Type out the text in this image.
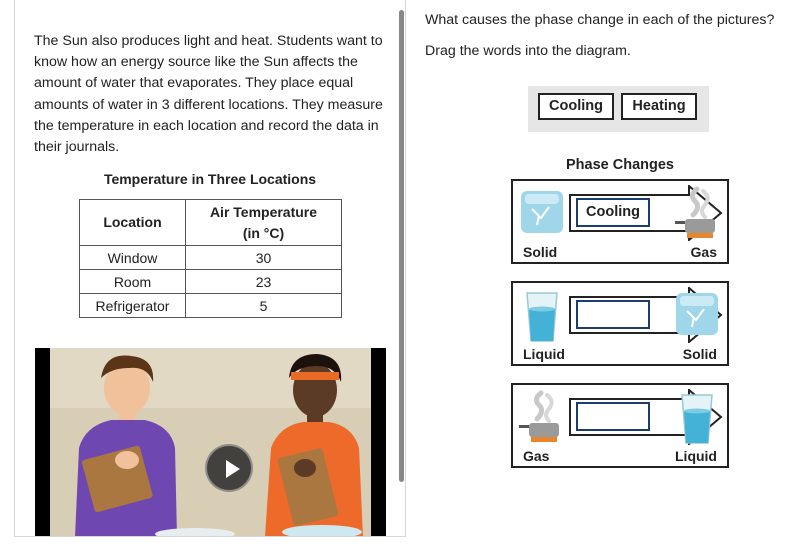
The Sun also produces light and heat. Students want to know how an energy source like the Sun affects the amount of water that evaporates. They place equal amounts of water in 3 different locations. They measure the temperature in each location and record the data in their journals.

Temperature in Three Locations
Location	Air Temperature (in °C)
Window	30
Room	23
Refrigerator	5
What causes the phase change in each of the pictures?
Drag the words into the diagram.
Cooling	Heating
Phase Changes
Cooling
Solid	Gas
Liquid	Solid
Gas	Liquid
